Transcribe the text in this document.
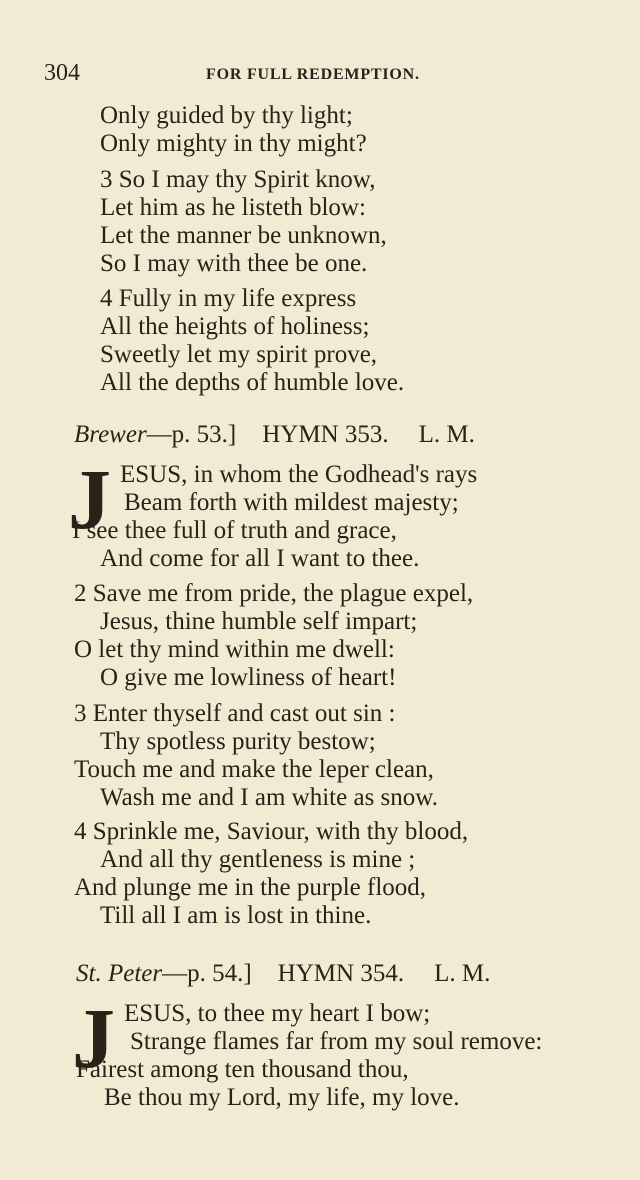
304	FOR FULL REDEMPTION.
Only guided by thy light;
Only mighty in thy might?
3 So I may thy Spirit know,
Let him as he listeth blow:
Let the manner be unknown,
So I may with thee be one.
4 Fully in my life express
All the heights of holiness;
Sweetly let my spirit prove,
All the depths of humble love.
Brewer—p. 53.] HYMN 353. L. M.
J ESUS, in whom the Godhead's rays
Beam forth with mildest majesty;
I see thee full of truth and grace,
And come for all I want to thee.
2 Save me from pride, the plague expel,
Jesus, thine humble self impart;
O let thy mind within me dwell:
O give me lowliness of heart!
3 Enter thyself and cast out sin :
Thy spotless purity bestow;
Touch me and make the leper clean,
Wash me and I am white as snow.
4 Sprinkle me, Saviour, with thy blood,
And all thy gentleness is mine ;
And plunge me in the purple flood,
Till all I am is lost in thine.
St. Peter—p. 54.] HYMN 354. L. M.
J ESUS, to thee my heart I bow;
Strange flames far from my soul remove:
Fairest among ten thousand thou,
Be thou my Lord, my life, my love.
